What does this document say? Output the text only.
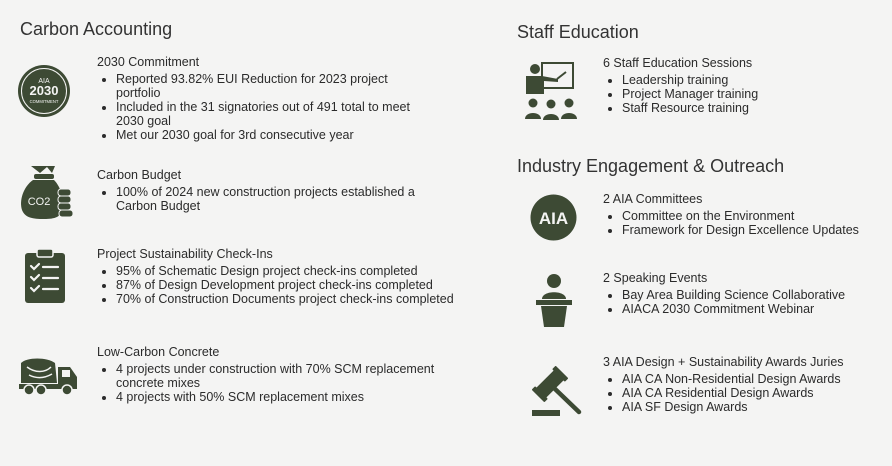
Carbon Accounting
AIA
2030
COMMITMENT
2030 Commitment
• Reported 93.82% EUI Reduction for 2023 project portfolio
• Included in the 31 signatories out of 491 total to meet 2030 goal
• Met our 2030 goal for 3rd consecutive year
CO2
Carbon Budget
• 100% of 2024 new construction projects established a Carbon Budget
Project Sustainability Check-Ins
• 95% of Schematic Design project check-ins completed
• 87% of Design Development project check-ins completed
• 70% of Construction Documents project check-ins completed
Low-Carbon Concrete
• 4 projects under construction with 70% SCM replacement concrete mixes
• 4 projects with 50% SCM replacement mixes
Staff Education
6 Staff Education Sessions
• Leadership training
• Project Manager training
• Staff Resource training
Industry Engagement & Outreach
AIA
2 AIA Committees
• Committee on the Environment
• Framework for Design Excellence Updates
2 Speaking Events
• Bay Area Building Science Collaborative
• AIACA 2030 Commitment Webinar
3 AIA Design + Sustainability Awards Juries
• AIA CA Non-Residential Design Awards
• AIA CA Residential Design Awards
• AIA SF Design Awards
